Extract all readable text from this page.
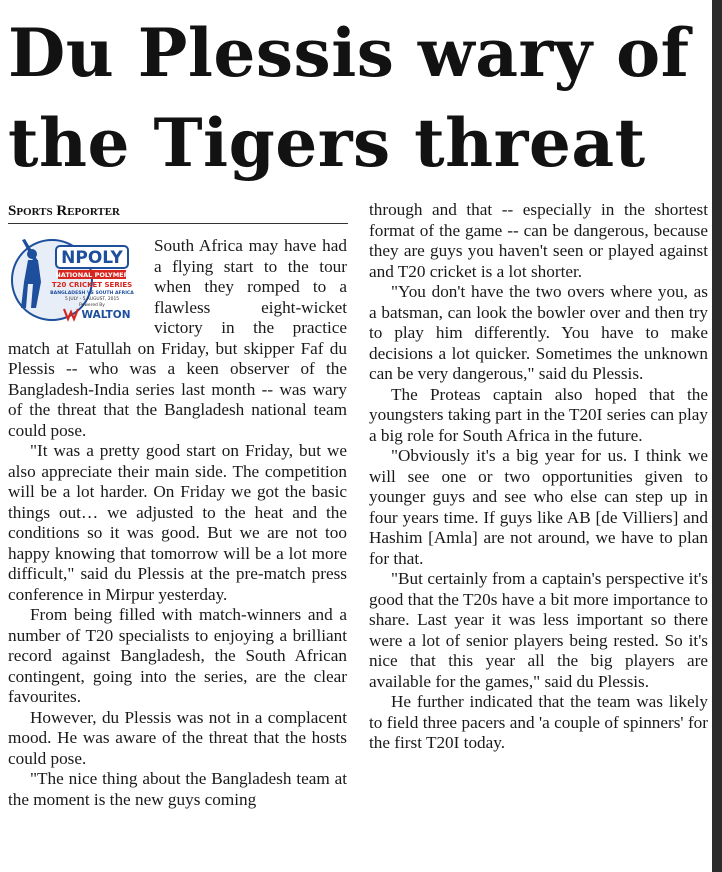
Du Plessis wary of the Tigers threat
Sports Reporter
NPOLY
NATIONAL POLYMER
T20 CRICKET SERIES
BANGLADESH VS SOUTH AFRICA
5 JULY - 5 AUGUST, 2015
Powered By
WALTON

South Africa may have had a flying start to the tour when they romped to a flawless eight-wicket victory in the practice match at Fatullah on Friday, but skipper Faf du Plessis -- who was a keen observer of the Bangladesh-India series last month -- was wary of the threat that the Bangladesh national team could pose.

"It was a pretty good start on Friday, but we also appreciate their main side. The competition will be a lot harder. On Friday we got the basic things out… we adjusted to the heat and the conditions so it was good. But we are not too happy knowing that tomorrow will be a lot more difficult," said du Plessis at the pre-match press conference in Mirpur yesterday.

From being filled with match-winners and a number of T20 specialists to enjoying a brilliant record against Bangladesh, the South African contingent, going into the series, are the clear favourites.

However, du Plessis was not in a complacent mood. He was aware of the threat that the hosts could pose.

"The nice thing about the Bangladesh team at the moment is the new guys coming

through and that -- especially in the shortest format of the game -- can be dangerous, because they are guys you haven't seen or played against and T20 cricket is a lot shorter.

"You don't have the two overs where you, as a batsman, can look the bowler over and then try to play him differently. You have to make decisions a lot quicker. Sometimes the unknown can be very dangerous," said du Plessis.

The Proteas captain also hoped that the youngsters taking part in the T20I series can play a big role for South Africa in the future.

"Obviously it's a big year for us. I think we will see one or two opportunities given to younger guys and see who else can step up in four years time. If guys like AB [de Villiers] and Hashim [Amla] are not around, we have to plan for that.

"But certainly from a captain's perspective it's good that the T20s have a bit more importance to share. Last year it was less important so there were a lot of senior players being rested. So it's nice that this year all the big players are available for the games," said du Plessis.

He further indicated that the team was likely to field three pacers and 'a couple of spinners' for the first T20I today.
